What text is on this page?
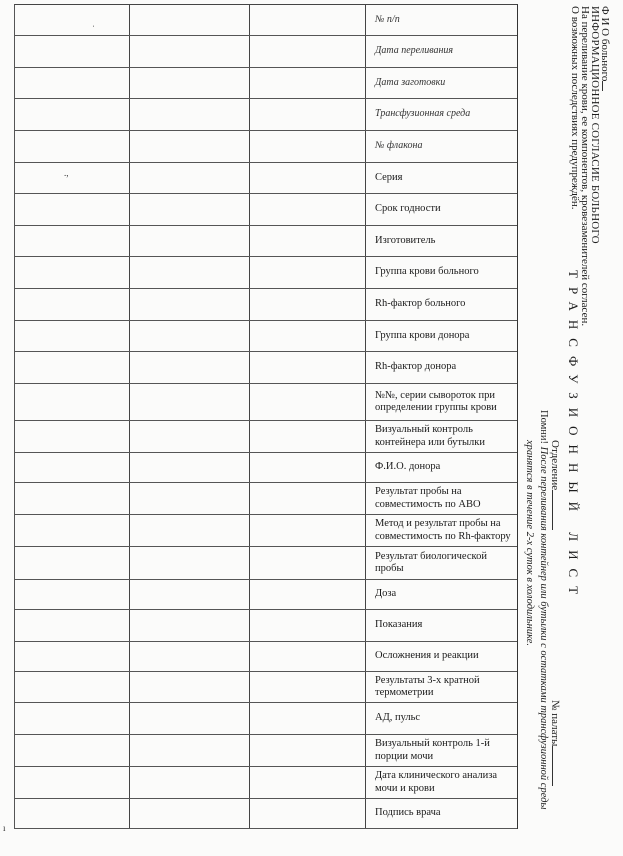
№ п/п
Дата переливания
Дата заготовки
Трансфузионная среда
№ флакона
Серия
Срок годности
Изготовитель
Группа крови больного
Rh-фактор больного
Группа крови донора
Rh-фактор донора
№№, серии сывороток при определении группы крови
Визуальный контроль контейнера или бутылки
Ф.И.О. донора
Результат пробы на совместимость по АВО
Метод и результат пробы на совместимость по Rh-фактору
Результат биологической пробы
Доза
Показания
Осложнения и реакции
Результаты 3-х кратной термометрии
АД, пульс
Визуальный контроль 1-й порции мочи
Дата клинического анализа мочи и крови
Подпись врача
Ф И О больного
ИНФОРМАЦИОННОЕ СОГЛАСИЕ БОЛЬНОГО
На переливание крови, ее компонентов, кровезаменителей согласен.
О возможных последствиях предупреждён.
ТРАНСФУЗИОННЫЙ ЛИСТ
Отделение
№ палаты
Помни! После переливания контейнер или бутылки с остатками трансфузионной среды
хранятся в течение 2-х суток в холодильнике.
ˈ
.,
ı
